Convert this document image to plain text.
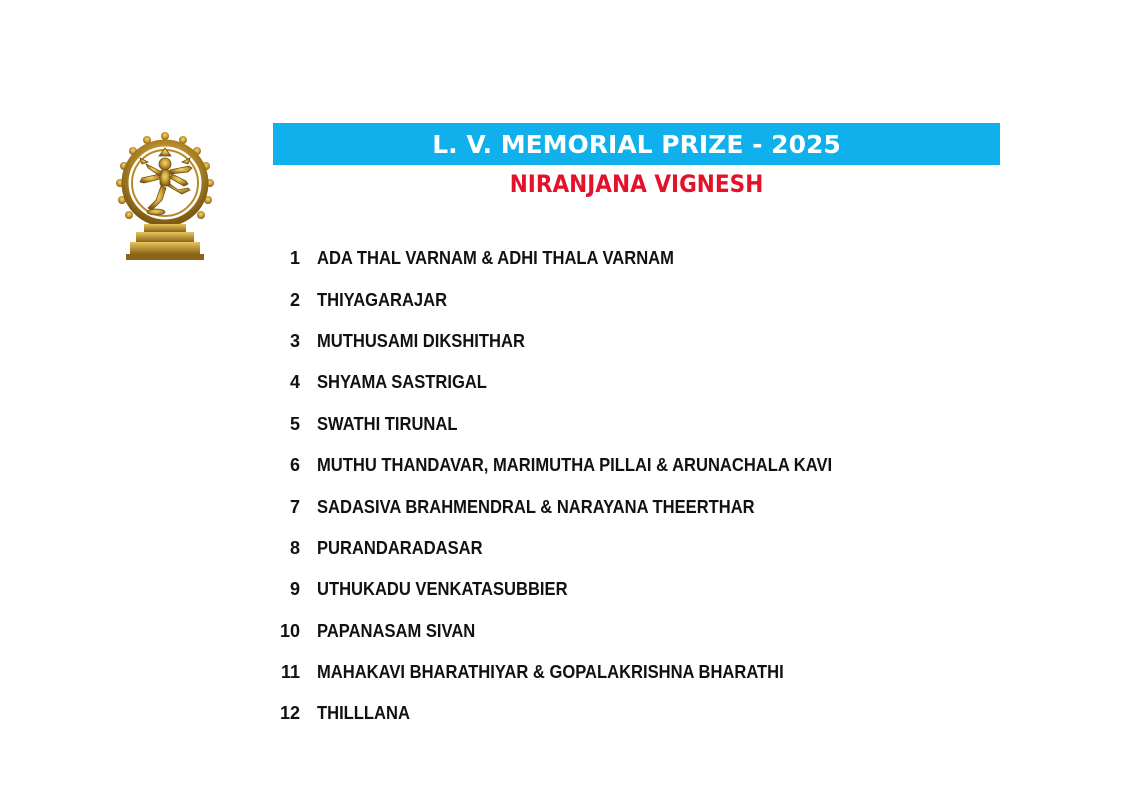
L. V. MEMORIAL PRIZE - 2025
NIRANJANA VIGNESH
1 ADA THAL VARNAM & ADHI THALA VARNAM
2 THIYAGARAJAR
3 MUTHUSAMI DIKSHITHAR
4 SHYAMA SASTRIGAL
5 SWATHI TIRUNAL
6 MUTHU THANDAVAR, MARIMUTHA PILLAI & ARUNACHALA KAVI
7 SADASIVA BRAHMENDRAL & NARAYANA THEERTHAR
8 PURANDARADASAR
9 UTHUKADU VENKATASUBBIER
10 PAPANASAM SIVAN
11 MAHAKAVI BHARATHIYAR & GOPALAKRISHNA BHARATHI
12 THILLLANA
